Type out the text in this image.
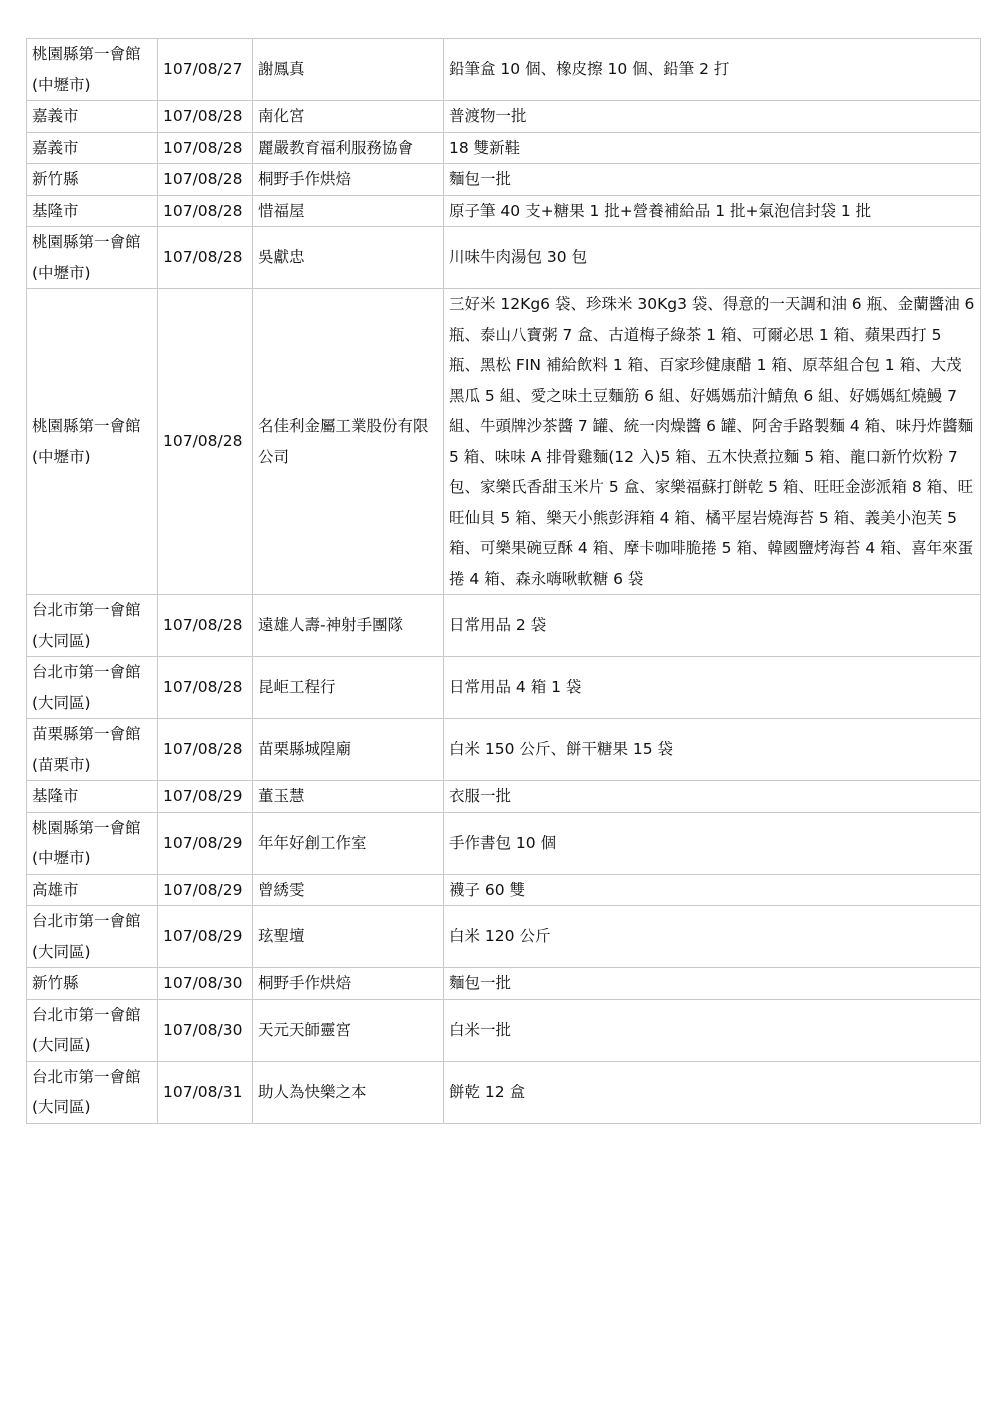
桃園縣第一會館(中壢市)	107/08/27	謝鳳真	鉛筆盒 10 個、橡皮擦 10 個、鉛筆 2 打
嘉義市	107/08/28	南化宮	普渡物一批
嘉義市	107/08/28	麗嚴教育福利服務協會	18 雙新鞋
新竹縣	107/08/28	桐野手作烘焙	麵包一批
基隆市	107/08/28	惜福屋	原子筆 40 支+糖果 1 批+營養補給品 1 批+氣泡信封袋 1 批
桃園縣第一會館(中壢市)	107/08/28	吳獻忠	川味牛肉湯包 30 包
桃園縣第一會館(中壢市)	107/08/28	名佳利金屬工業股份有限公司	三好米 12Kg6 袋、珍珠米 30Kg3 袋、得意的一天調和油 6 瓶、金蘭醬油 6 瓶、泰山八寶粥 7 盒、古道梅子綠茶 1 箱、可爾必思 1 箱、蘋果西打 5 瓶、黑松 FIN 補給飲料 1 箱、百家珍健康醋 1 箱、原萃組合包 1 箱、大茂黑瓜 5 組、愛之味土豆麵筋 6 組、好媽媽茄汁鯖魚 6 組、好媽媽紅燒鰻 7 組、牛頭牌沙茶醬 7 罐、統一肉燥醬 6 罐、阿舍手路製麵 4 箱、味丹炸醬麵 5 箱、味味 A 排骨雞麵(12 入)5 箱、五木快煮拉麵 5 箱、龍口新竹炊粉 7 包、家樂氏香甜玉米片 5 盒、家樂福蘇打餅乾 5 箱、旺旺金澎派箱 8 箱、旺旺仙貝 5 箱、樂天小熊彭湃箱 4 箱、橘平屋岩燒海苔 5 箱、義美小泡芙 5 箱、可樂果碗豆酥 4 箱、摩卡咖啡脆捲 5 箱、韓國鹽烤海苔 4 箱、喜年來蛋捲 4 箱、森永嗨啾軟糖 6 袋
台北市第一會館(大同區)	107/08/28	遠雄人壽-神射手團隊	日常用品 2 袋
台北市第一會館(大同區)	107/08/28	昆岠工程行	日常用品 4 箱 1 袋
苗栗縣第一會館(苗栗市)	107/08/28	苗栗縣城隍廟	白米 150 公斤、餅干糖果 15 袋
基隆市	107/08/29	董玉慧	衣服一批
桃園縣第一會館(中壢市)	107/08/29	年年好創工作室	手作書包 10 個
高雄市	107/08/29	曾綉雯	襪子 60 雙
台北市第一會館(大同區)	107/08/29	玹聖壇	白米 120 公斤
新竹縣	107/08/30	桐野手作烘焙	麵包一批
台北市第一會館(大同區)	107/08/30	天元天師靈宮	白米一批
台北市第一會館(大同區)	107/08/31	助人為快樂之本	餅乾 12 盒
